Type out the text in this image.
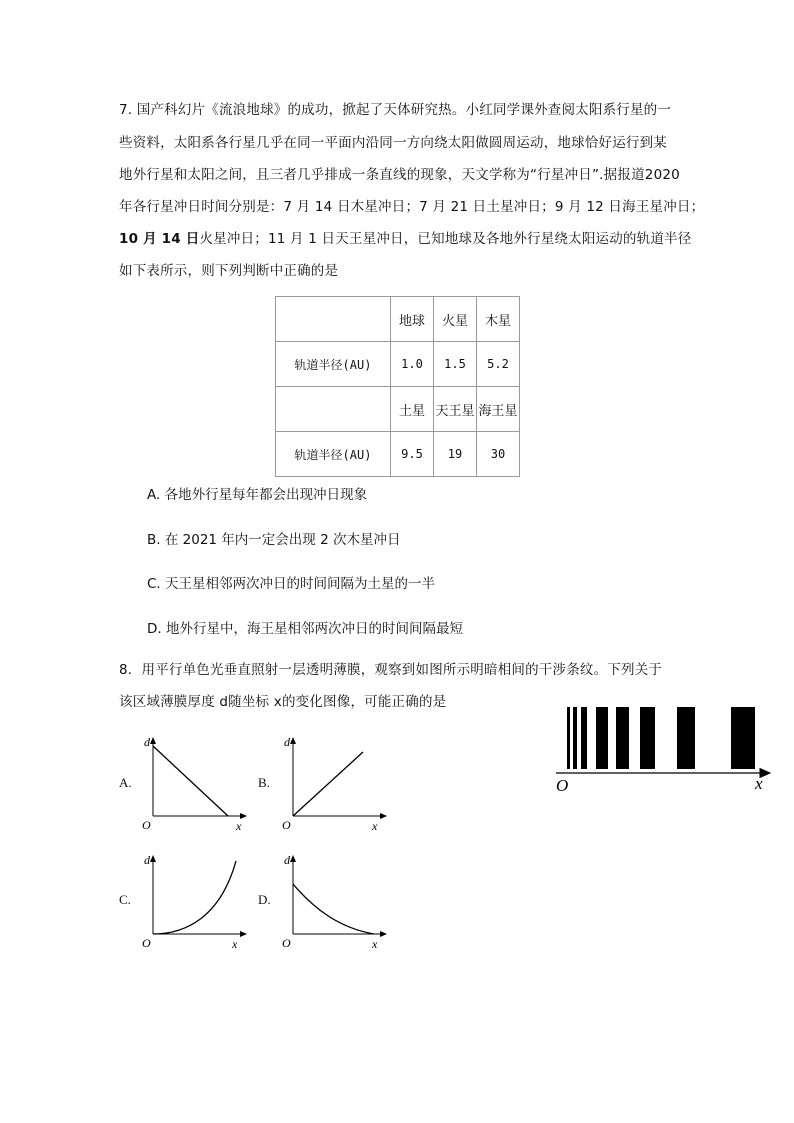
7. 国产科幻片《流浪地球》的成功，掀起了天体研究热。小红同学课外查阅太阳系行星的一
些资料，太阳系各行星几乎在同一平面内沿同一方向绕太阳做圆周运动，地球恰好运行到某
地外行星和太阳之间，且三者几乎排成一条直线的现象，天文学称为“行星冲日”.据报道2020
年各行星冲日时间分别是：7 月 14 日木星冲日；7 月 21 日土星冲日；9 月 12 日海王星冲日；
10 月 14 日火星冲日；11 月 1 日天王星冲日，已知地球及各地外行星绕太阳运动的轨道半径
如下表所示，则下列判断中正确的是
	地球	火星	木星
轨道半径(AU)	1.0	1.5	5.2
	土星	天王星	海王星
轨道半径(AU)	9.5	19	30
A. 各地外行星每年都会出现冲日现象
B. 在 2021 年内一定会出现 2 次木星冲日
C. 天王星相邻两次冲日的时间间隔为土星的一半
D. 地外行星中，海王星相邻两次冲日的时间间隔最短
8．用平行单色光垂直照射一层透明薄膜，观察到如图所示明暗相间的干涉条纹。下列关于
该区域薄膜厚度 d随坐标 x的变化图像，可能正确的是
A.	B.
C.	D.
d
x
O
d
x
O
d
x
O
d
x
O
O	x
